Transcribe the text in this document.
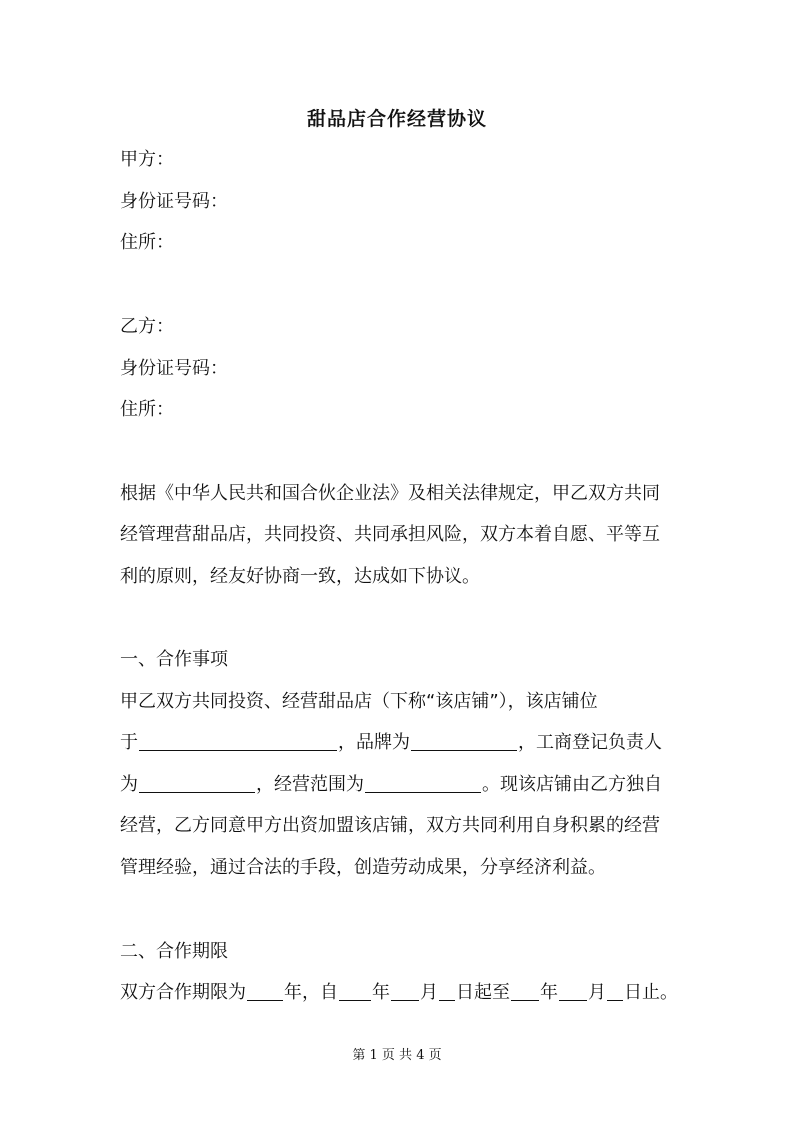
甜品店合作经营协议
甲方：
身份证号码：
住所：
乙方：
身份证号码：
住所：
根据《中华人民共和国合伙企业法》及相关法律规定，甲乙双方共同
经管理营甜品店，共同投资、共同承担风险，双方本着自愿、平等互
利的原则，经友好协商一致，达成如下协议。
一、合作事项
甲乙双方共同投资、经营甜品店（下称“该店铺”），该店铺位
于	，品牌为	，工商登记负责人
为	，经营范围为	。现该店铺由乙方独自
经营，乙方同意甲方出资加盟该店铺，双方共同利用自身积累的经营
管理经验，通过合法的手段，创造劳动成果，分享经济利益。
二、合作期限
双方合作期限为 年，自 年 月 日起至 年 月 日止。
第 1 页 共 4 页
